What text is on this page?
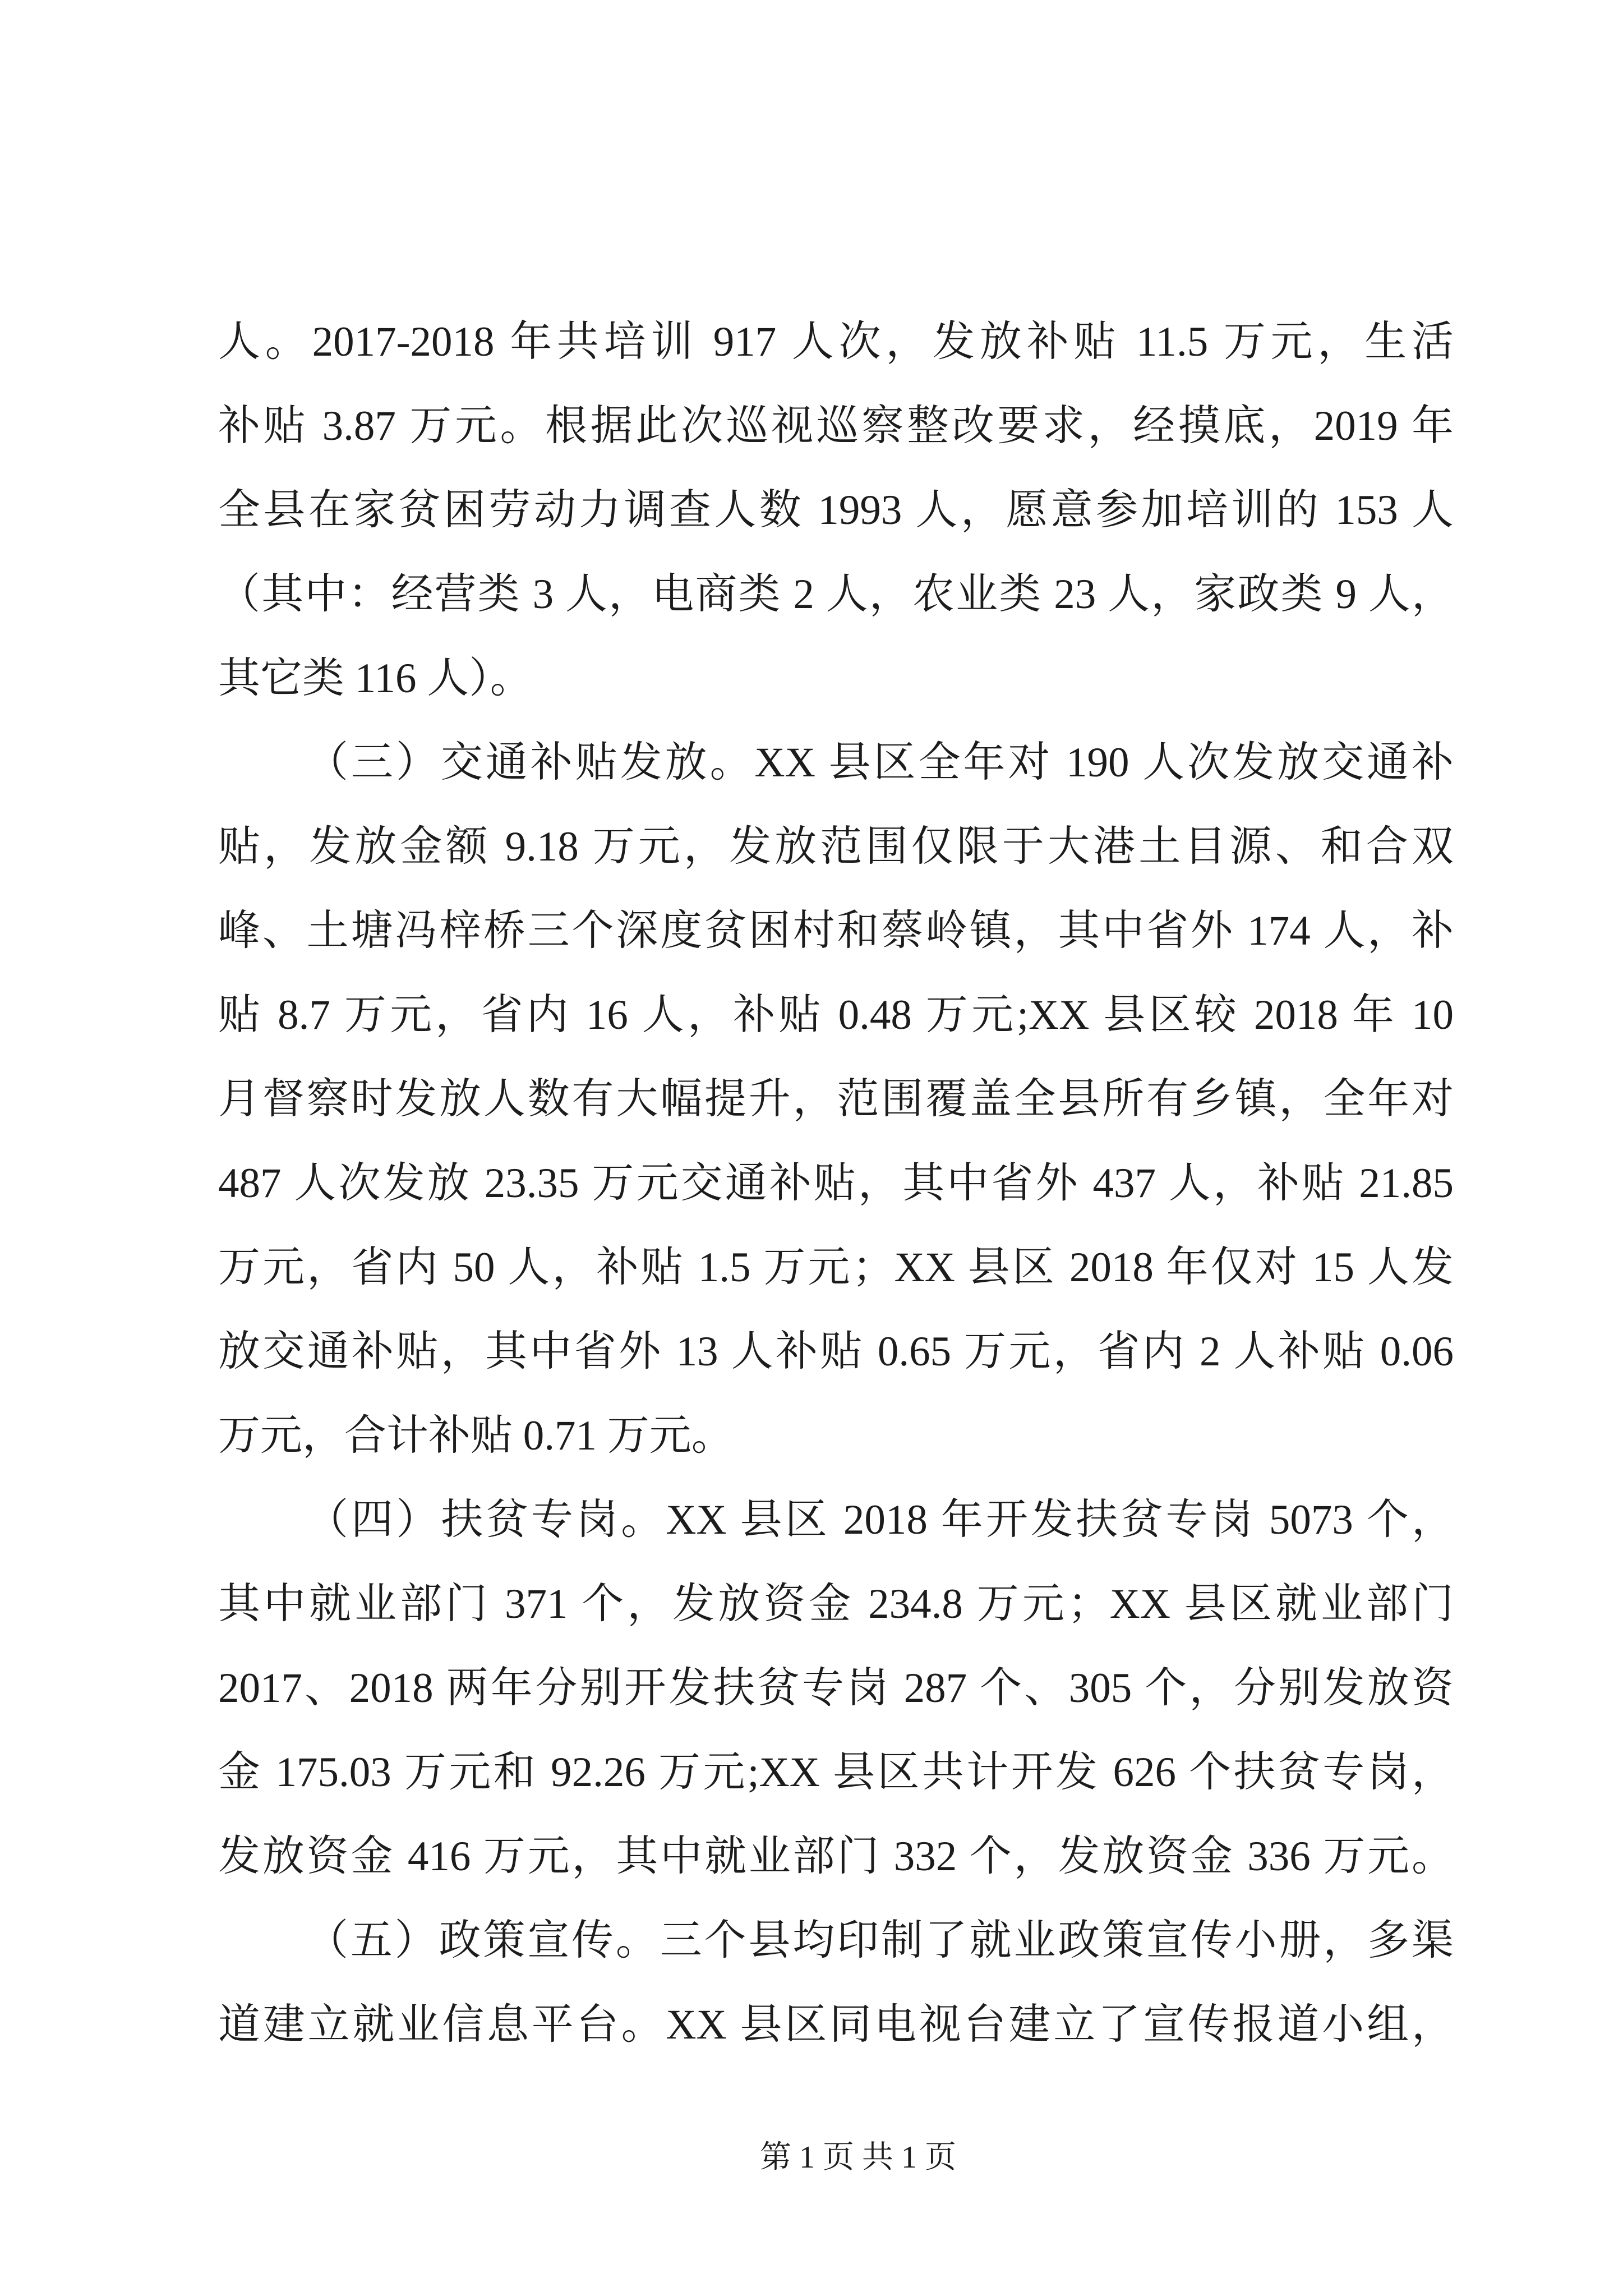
人。2017-2018 年共培训 917 人次，发放补贴 11.5 万元，生活
补贴 3.87 万元。根据此次巡视巡察整改要求，经摸底，2019 年
全县在家贫困劳动力调查人数 1993 人，愿意参加培训的 153 人
（其中：经营类 3 人，电商类 2 人，农业类 23 人，家政类 9 人，
其它类 116 人）。
（三）交通补贴发放。XX 县区全年对 190 人次发放交通补
贴，发放金额 9.18 万元，发放范围仅限于大港土目源、和合双
峰、土塘冯梓桥三个深度贫困村和蔡岭镇，其中省外 174 人，补
贴 8.7 万元，省内 16 人，补贴 0.48 万元;XX 县区较 2018 年 10
月督察时发放人数有大幅提升，范围覆盖全县所有乡镇，全年对
487 人次发放 23.35 万元交通补贴，其中省外 437 人，补贴 21.85
万元，省内 50 人，补贴 1.5 万元；XX 县区 2018 年仅对 15 人发
放交通补贴，其中省外 13 人补贴 0.65 万元，省内 2 人补贴 0.06
万元，合计补贴 0.71 万元。
（四）扶贫专岗。XX 县区 2018 年开发扶贫专岗 5073 个，
其中就业部门 371 个，发放资金 234.8 万元；XX 县区就业部门
2017、2018 两年分别开发扶贫专岗 287 个、305 个，分别发放资
金 175.03 万元和 92.26 万元;XX 县区共计开发 626 个扶贫专岗，
发放资金 416 万元，其中就业部门 332 个，发放资金 336 万元。
（五）政策宣传。三个县均印制了就业政策宣传小册，多渠
道建立就业信息平台。XX 县区同电视台建立了宣传报道小组，
第 1 页 共 1 页
